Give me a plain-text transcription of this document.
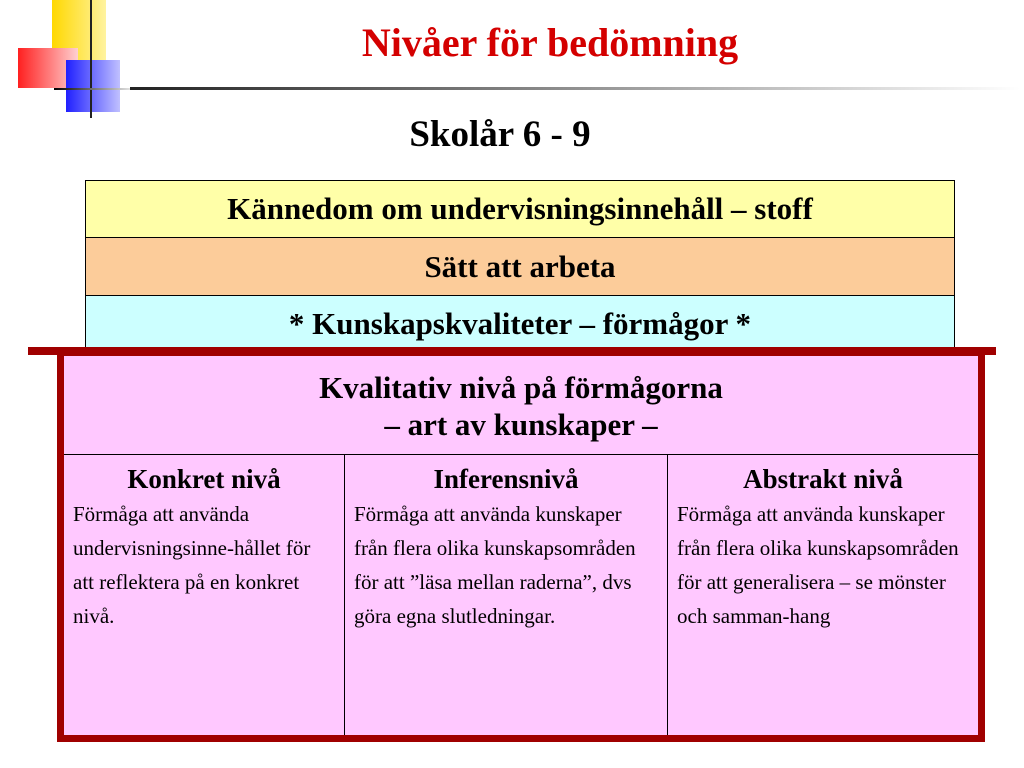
Nivåer för bedömning
Skolår 6 - 9
Kännedom om undervisningsinnehåll – stoff
Sätt att arbeta
* Kunskapskvaliteter – förmågor *
Kvalitativ nivå på förmågorna
– art av kunskaper –
Konkret nivå
Förmåga att använda undervisningsinne-hållet för att reflektera på en konkret nivå.
Inferensnivå
Förmåga att använda kunskaper från flera olika kunskapsområden för att ”läsa mellan raderna”, dvs göra egna slutledningar.
Abstrakt nivå
Förmåga att använda kunskaper från flera olika kunskapsområden för att generalisera – se mönster och samman-hang
